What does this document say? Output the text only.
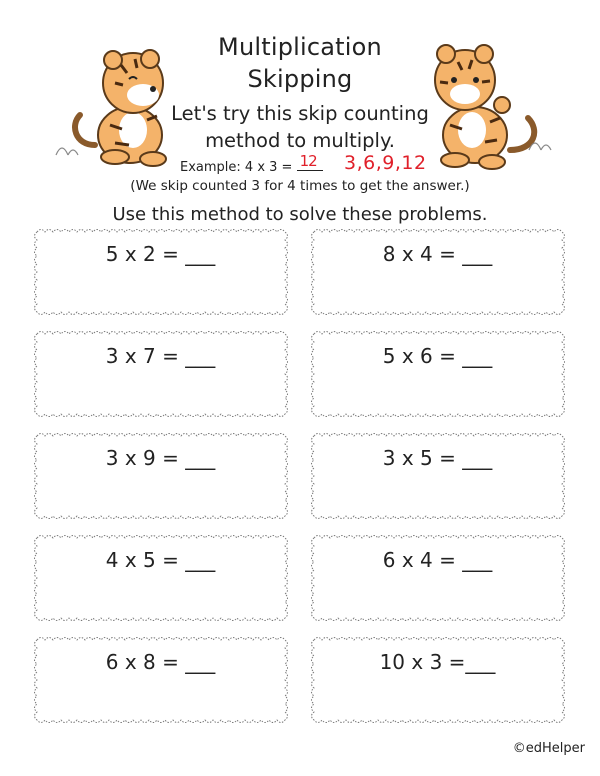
Multiplication
Skipping
Let's try this skip counting method to multiply.
Example: 4 x 3 = 12 3,6,9,12
(We skip counted 3 for 4 times to get the answer.)
Use this method to solve these problems.
5 x 2 = ___	8 x 4 = ___
3 x 7 = ___	5 x 6 = ___
3 x 9 = ___	3 x 5 = ___
4 x 5 = ___	6 x 4 = ___
6 x 8 = ___	10 x 3 =___
©edHelper
